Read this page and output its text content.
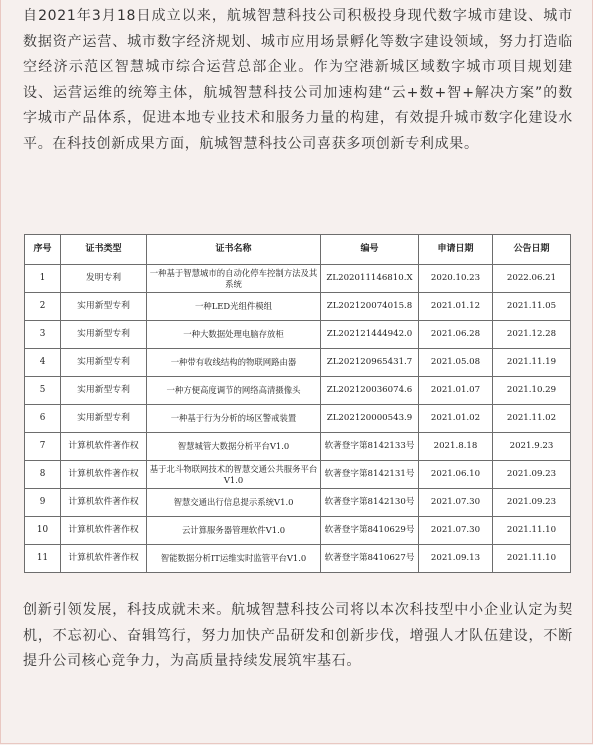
自2021年3月18日成立以来，航城智慧科技公司积极投身现代数字城市建设、城市数据资产运营、城市数字经济规划、城市应用场景孵化等数字建设领域，努力打造临空经济示范区智慧城市综合运营总部企业。作为空港新城区域数字城市项目规划建设、运营运维的统筹主体，航城智慧科技公司加速构建“云+数+智+解决方案”的数字城市产品体系，促进本地专业技术和服务力量的构建，有效提升城市数字化建设水平。在科技创新成果方面，航城智慧科技公司喜获多项创新专利成果。

序号	证书类型	证书名称	编号	申请日期	公告日期
1	发明专利	一种基于智慧城市的自动化停车控制方法及其系统	ZL202011146810.X	2020.10.23	2022.06.21
2	实用新型专利	一种LED光组件模组	ZL202120074015.8	2021.01.12	2021.11.05
3	实用新型专利	一种大数据处理电脑存放柜	ZL202121444942.0	2021.06.28	2021.12.28
4	实用新型专利	一种带有收线结构的物联网路由器	ZL202120965431.7	2021.05.08	2021.11.19
5	实用新型专利	一种方便高度调节的网络高清摄像头	ZL202120036074.6	2021.01.07	2021.10.29
6	实用新型专利	一种基于行为分析的场区警戒装置	ZL202120000543.9	2021.01.02	2021.11.02
7	计算机软件著作权	智慧城管大数据分析平台V1.0	软著登字第8142133号	2021.8.18	2021.9.23
8	计算机软件著作权	基于北斗物联网技术的智慧交通公共服务平台V1.0	软著登字第8142131号	2021.06.10	2021.09.23
9	计算机软件著作权	智慧交通出行信息提示系统V1.0	软著登字第8142130号	2021.07.30	2021.09.23
10	计算机软件著作权	云计算服务器管理软件V1.0	软著登字第8410629号	2021.07.30	2021.11.10
11	计算机软件著作权	智能数据分析IT运维实时监管平台V1.0	软著登字第8410627号	2021.09.13	2021.11.10

创新引领发展，科技成就未来。航城智慧科技公司将以本次科技型中小企业认定为契机，不忘初心、奋辑笃行，努力加快产品研发和创新步伐，增强人才队伍建设，不断提升公司核心竞争力，为高质量持续发展筑牢基石。
